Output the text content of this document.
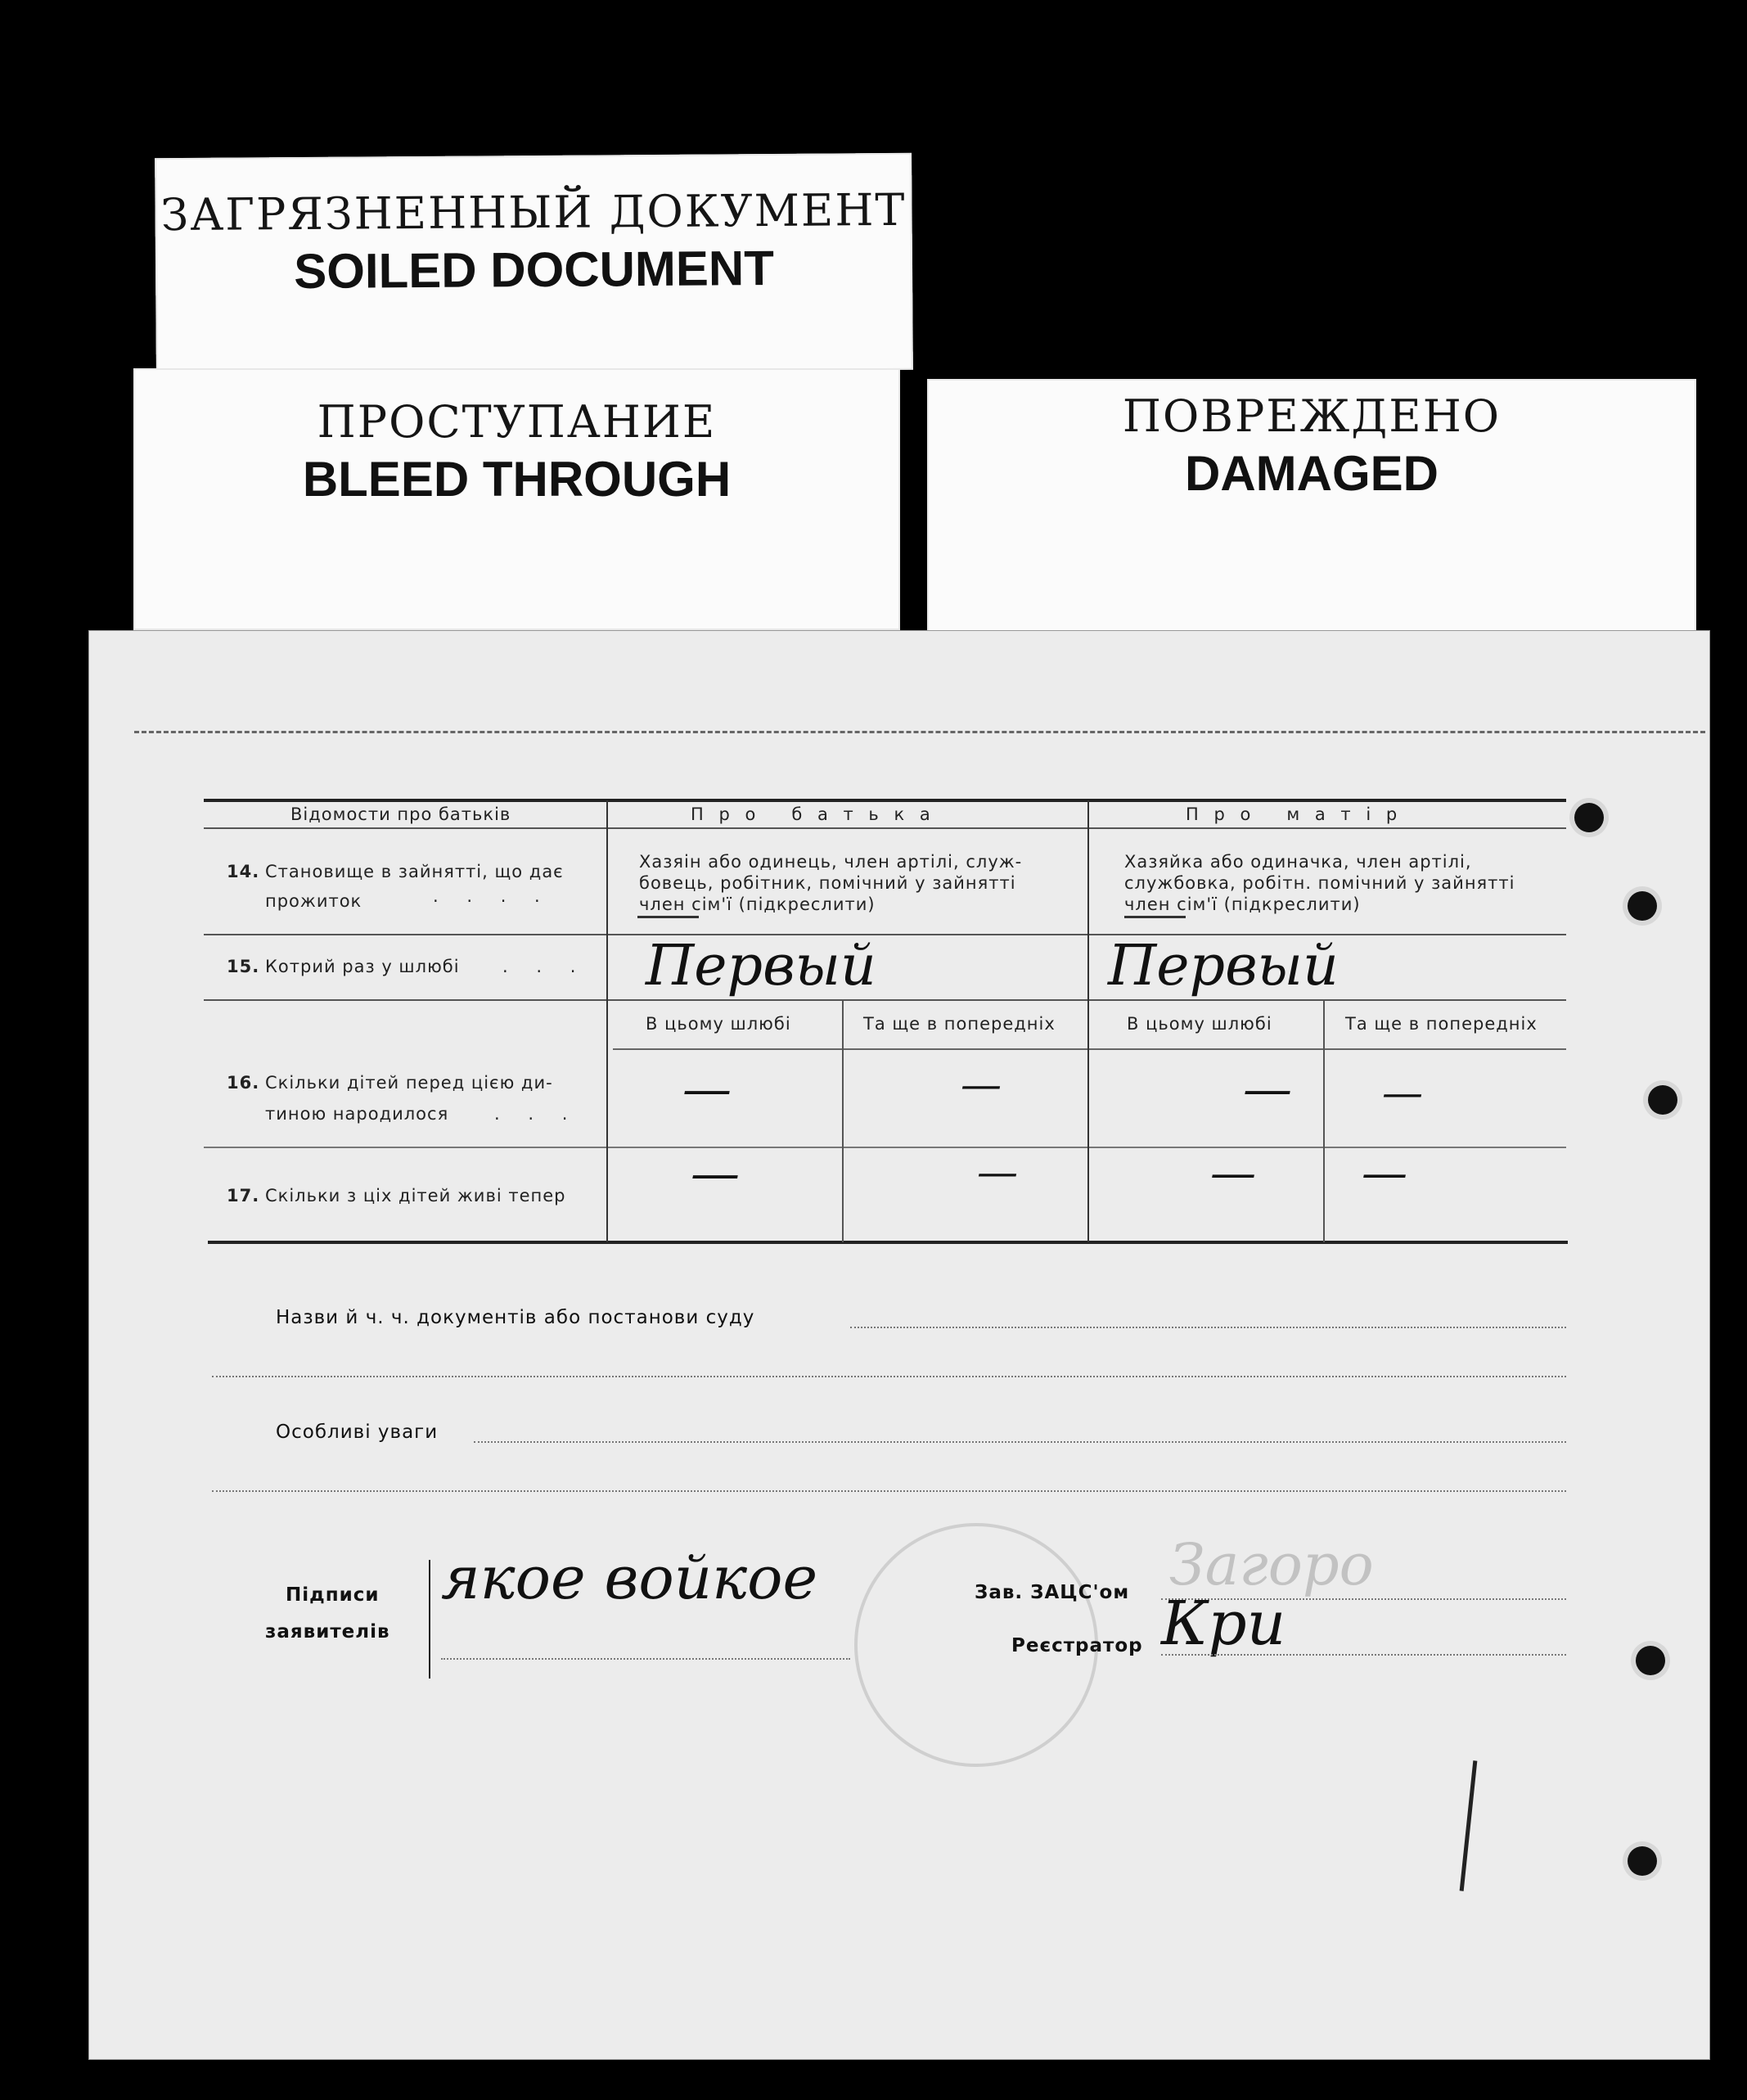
ЗАГРЯЗНЕННЫЙ ДОКУМЕНТ
SOILED DOCUMENT
ПРОСТУПАНИЕ
BLEED THROUGH
ПОВРЕЖДЕНО
DAMAGED
Відомости про батьків	П р о   б а т ь к а	П р о   м а т і р
14. Становище в зайнятті, що дає
прожиток	. . . .
Хазяін або одинець, член артілі, служ-
бовець, робітник, помічний у зайнятті
член сім'ї (підкреслити)
Хазяйка або одиначка, член артілі,
службовка, робітн. помічний у зайнятті
член сім'ї (підкреслити)
15. Котрий раз у шлюбі . . . Первый	Первый
В цьому шлюбі	Та ще в попередніх	В цьому шлюбі	Та ще в попередніх
16. Скільки дітей перед цією ди-
тиною народилося	. . . —	—	— —
17. Скільки з ціх дітей живі тепер	—	—	— —
Назви й ч. ч. документів або постанови суду
Особливі уваги
Підписи
заявителів
якое войкое	Зав. ЗАЦС'ом Загоро
Реєстратор Кри
